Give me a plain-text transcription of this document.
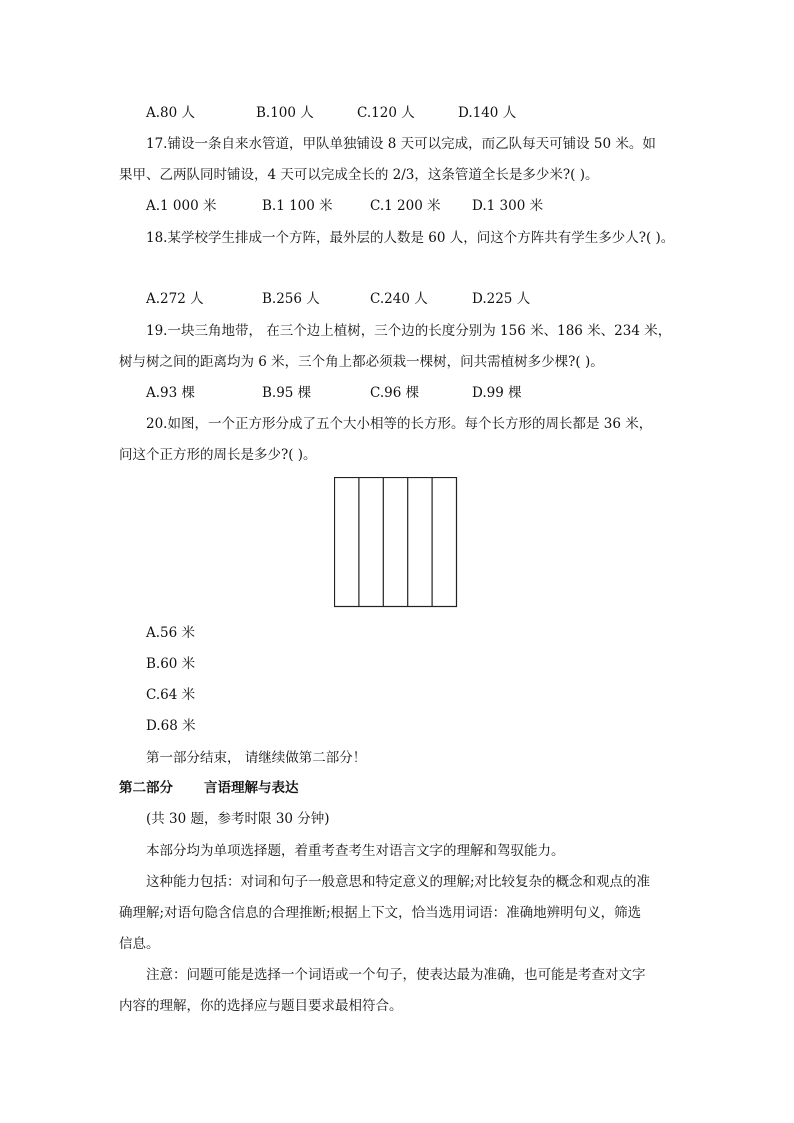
A.80 人	B.100 人	C.120 人	D.140 人
17.铺设一条自来水管道，甲队单独铺设 8 天可以完成，而乙队每天可铺设 50 米。如
果甲、乙两队同时铺设，4 天可以完成全长的 2/3，这条管道全长是多少米?( )。
A.1 000 米	B.1 100 米	C.1 200 米 D.1 300 米
18.某学校学生排成一个方阵，最外层的人数是 60 人，问这个方阵共有学生多少人?( )。
A.272 人	B.256 人	C.240 人	D.225 人
19.一块三角地带， 在三个边上植树，三个边的长度分别为 156 米、186 米、234 米，
树与树之间的距离均为 6 米，三个角上都必须栽一棵树，问共需植树多少棵?( )。
A.93 棵	B.95 棵	C.96 棵	D.99 棵
20.如图，一个正方形分成了五个大小相等的长方形。每个长方形的周长都是 36 米，
问这个正方形的周长是多少?( )。
A.56 米
B.60 米
C.64 米
D.68 米
第一部分结束， 请继续做第二部分！
第二部分 言语理解与表达
(共 30 题，参考时限 30 分钟)
本部分均为单项选择题，着重考查考生对语言文字的理解和驾驭能力。
这种能力包括：对词和句子一般意思和特定意义的理解;对比较复杂的概念和观点的准
确理解;对语句隐含信息的合理推断;根据上下文，恰当选用词语：准确地辨明句义，筛选
信息。
注意：问题可能是选择一个词语或一个句子，使表达最为准确，也可能是考查对文字
内容的理解，你的选择应与题目要求最相符合。
